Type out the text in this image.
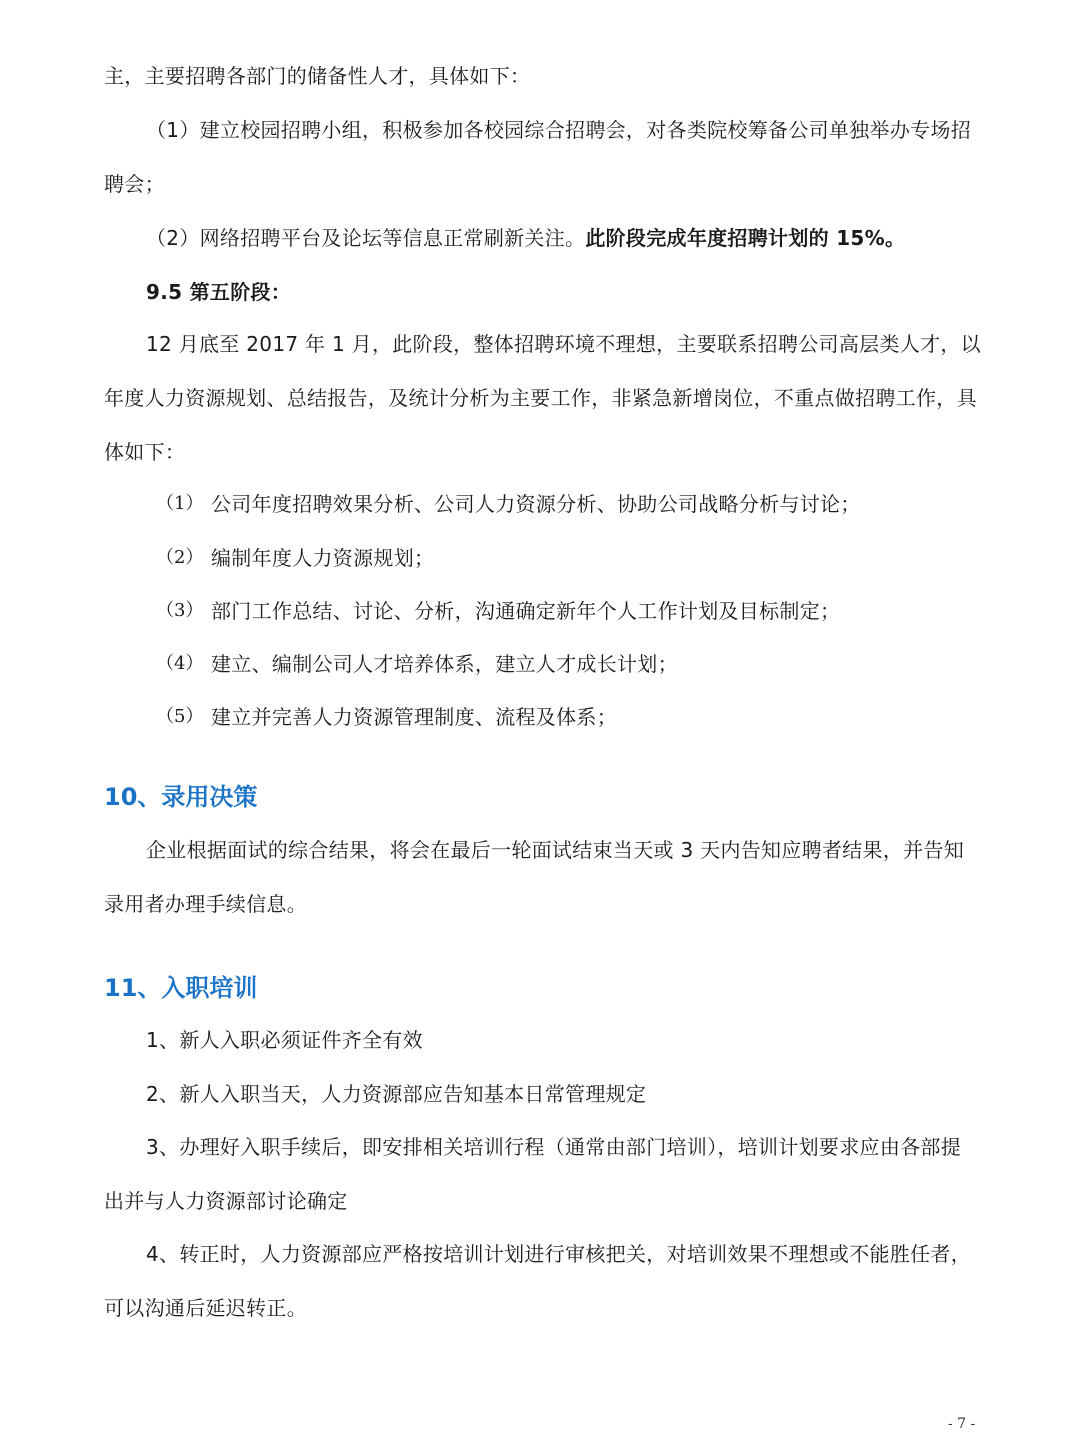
主，主要招聘各部门的储备性人才，具体如下：
（1）建立校园招聘小组，积极参加各校园综合招聘会，对各类院校筹备公司单独举办专场招
聘会；
（2）网络招聘平台及论坛等信息正常刷新关注。此阶段完成年度招聘计划的 15%。
9.5 第五阶段：
12 月底至 2017 年 1 月，此阶段，整体招聘环境不理想，主要联系招聘公司高层类人才，以
年度人力资源规划、总结报告，及统计分析为主要工作，非紧急新增岗位，不重点做招聘工作，具
体如下：
（1） 公司年度招聘效果分析、公司人力资源分析、协助公司战略分析与讨论；
（2） 编制年度人力资源规划；
（3） 部门工作总结、讨论、分析，沟通确定新年个人工作计划及目标制定；
（4） 建立、编制公司人才培养体系，建立人才成长计划；
（5） 建立并完善人力资源管理制度、流程及体系；
10、录用决策
企业根据面试的综合结果，将会在最后一轮面试结束当天或 3 天内告知应聘者结果，并告知
录用者办理手续信息。
11、入职培训
1、新人入职必须证件齐全有效
2、新人入职当天，人力资源部应告知基本日常管理规定
3、办理好入职手续后，即安排相关培训行程（通常由部门培训），培训计划要求应由各部提
出并与人力资源部讨论确定
4、转正时，人力资源部应严格按培训计划进行审核把关，对培训效果不理想或不能胜任者，
可以沟通后延迟转正。
- 7 -
